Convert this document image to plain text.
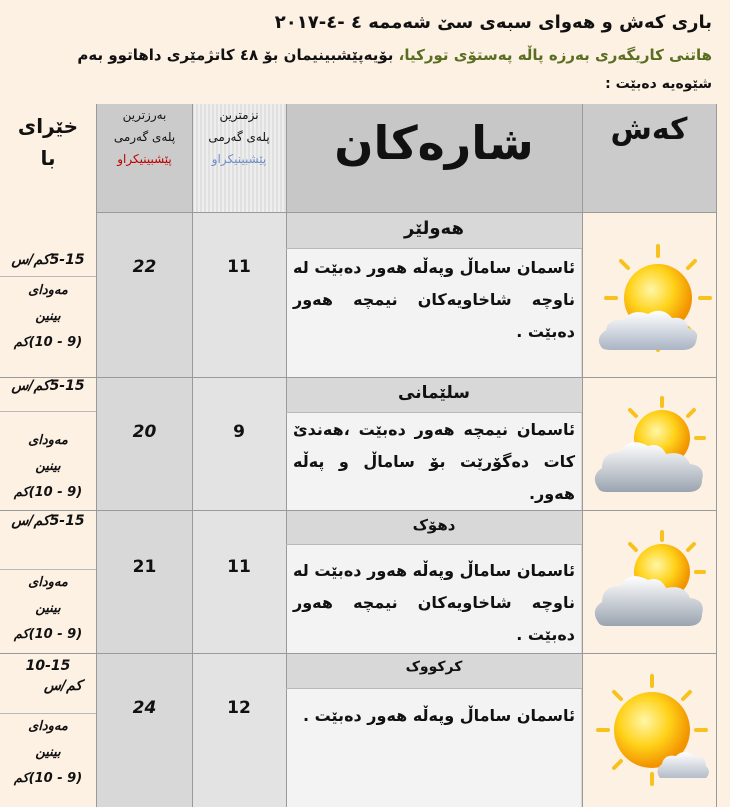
باری کەش و هەوای سبەی سێ شەممە ٤ -٤-٢٠١٧
هاتنی کاریگەری بەرزە پاڵە پەستۆی تورکیا، بۆیەپێشبینیمان بۆ ٤٨ کاتژمێری داهاتوو بەم
شێوەیە دەبێت :
کەش
شارەکان
نزمترین
پلەی گەرمی
پێشبینیکراو
بەرزترین
پلەی گەرمی
پێشبینیکراو
خێرای
با
هەولێر
ئاسمان ساماڵ وپەڵە هەور دەبێت لە ناوچە شاخاویەکان نیمچە هەور دەبێت .
11
22
5-15کم/س
مەودای
بینین
(9 - 10)کم
سلێمانی
ئاسمان نیمچە هەور دەبێت ،هەندێ کات دەگۆرێت بۆ ساماڵ و پەڵە هەور.
9
20
5-15کم/س
مەودای
بینین
(9 - 10)کم
دهۆک
ئاسمان ساماڵ وپەڵە هەور دەبێت لە ناوچە شاخاویەکان نیمچە هەور دەبێت .
11
21
5-15کم/س
مەودای
بینین
(9 - 10)کم
کرکووک
ئاسمان ساماڵ وپەڵە هەور دەبێت .
12
24
10-15
کم/س
مەودای
بینین
(9 - 10)کم
